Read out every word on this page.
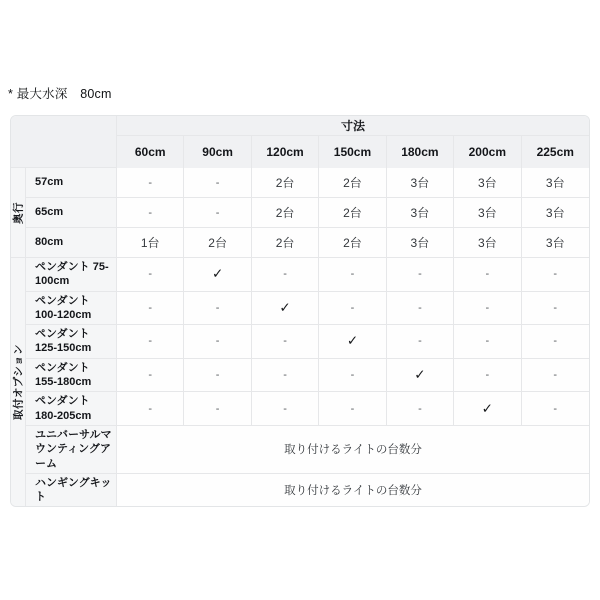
* 最大水深　80cm
		寸法						
		60cm	90cm	120cm	150cm	180cm	200cm	225cm

奥行	57cm	-	-	2台	2台	3台	3台	3台
	65cm	-	-	2台	2台	3台	3台	3台
	80cm	1台	2台	2台	2台	3台	3台	3台

取付オプション	ペンダント 75-100cm	-	✓	-	-	-	-	-
	ペンダント 100-120cm	-	-	✓	-	-	-	-
	ペンダント 125-150cm	-	-	-	✓	-	-	-
	ペンダント 155-180cm	-	-	-	-	✓	-	-
	ペンダント 180-205cm	-	-	-	-	-	✓	-
	ユニバーサルマウンティングアーム	取り付けるライトの台数分						
	ハンギングキット	取り付けるライトの台数分						
